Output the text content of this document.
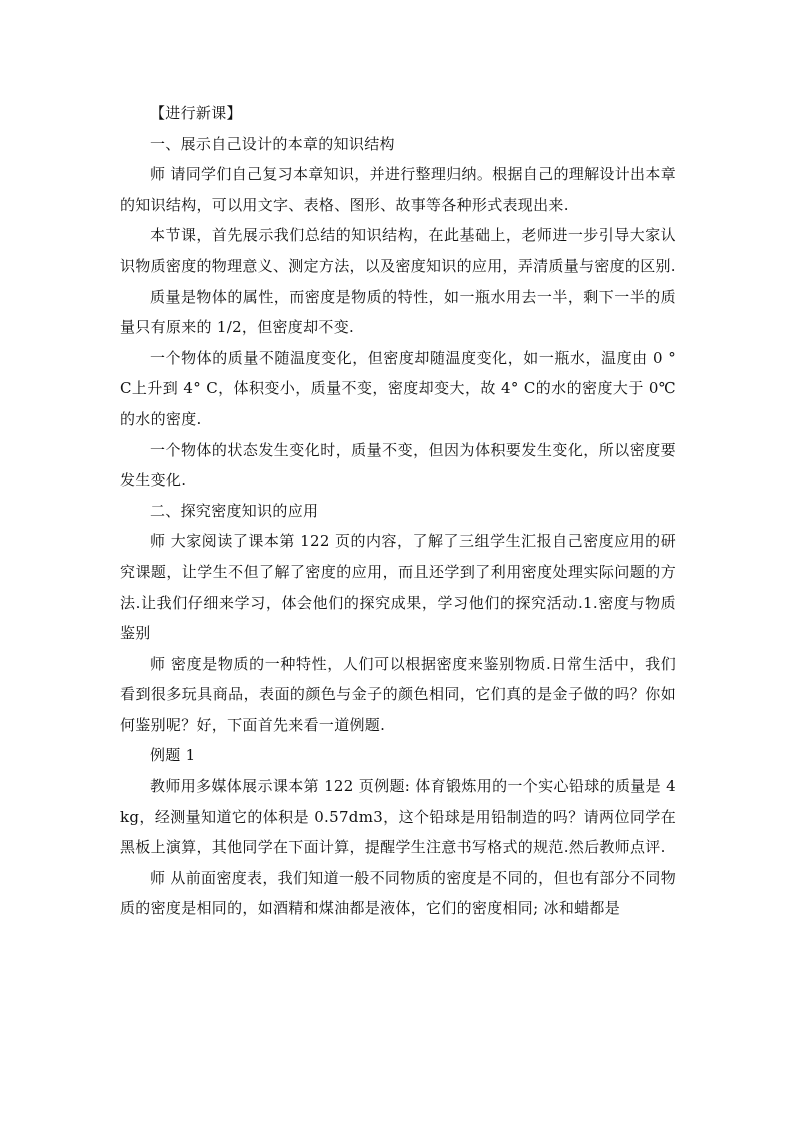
【进行新课】

一、展示自己设计的本章的知识结构

师 请同学们自己复习本章知识，并进行整理归纳。根据自己的理解设计出本章的知识结构，可以用文字、表格、图形、故事等各种形式表现出来.

本节课，首先展示我们总结的知识结构，在此基础上，老师进一步引导大家认识物质密度的物理意义、测定方法，以及密度知识的应用，弄清质量与密度的区别.

质量是物体的属性，而密度是物质的特性，如一瓶水用去一半，剩下一半的质量只有原来的 1/2，但密度却不变.

一个物体的质量不随温度变化，但密度却随温度变化，如一瓶水，温度由 0 °C上升到 4° C，体积变小，质量不变，密度却变大，故 4° C的水的密度大于 0℃的水的密度.

一个物体的状态发生变化时，质量不变，但因为体积要发生变化，所以密度要发生变化.

二、探究密度知识的应用

师 大家阅读了课本第 122 页的内容，了解了三组学生汇报自己密度应用的研究课题，让学生不但了解了密度的应用，而且还学到了利用密度处理实际问题的方法.让我们仔细来学习，体会他们的探究成果，学习他们的探究活动.1.密度与物质鉴别

师 密度是物质的一种特性，人们可以根据密度来鉴别物质.日常生活中，我们看到很多玩具商品，表面的颜色与金子的颜色相同，它们真的是金子做的吗？你如何鉴别呢？好，下面首先来看一道例题.

例题 1

教师用多媒体展示课本第 122 页例题: 体育锻炼用的一个实心铅球的质量是 4kg，经测量知道它的体积是 0.57dm3，这个铅球是用铅制造的吗？请两位同学在黑板上演算，其他同学在下面计算，提醒学生注意书写格式的规范.然后教师点评.

师 从前面密度表，我们知道一般不同物质的密度是不同的，但也有部分不同物质的密度是相同的，如酒精和煤油都是液体，它们的密度相同; 冰和蜡都是
